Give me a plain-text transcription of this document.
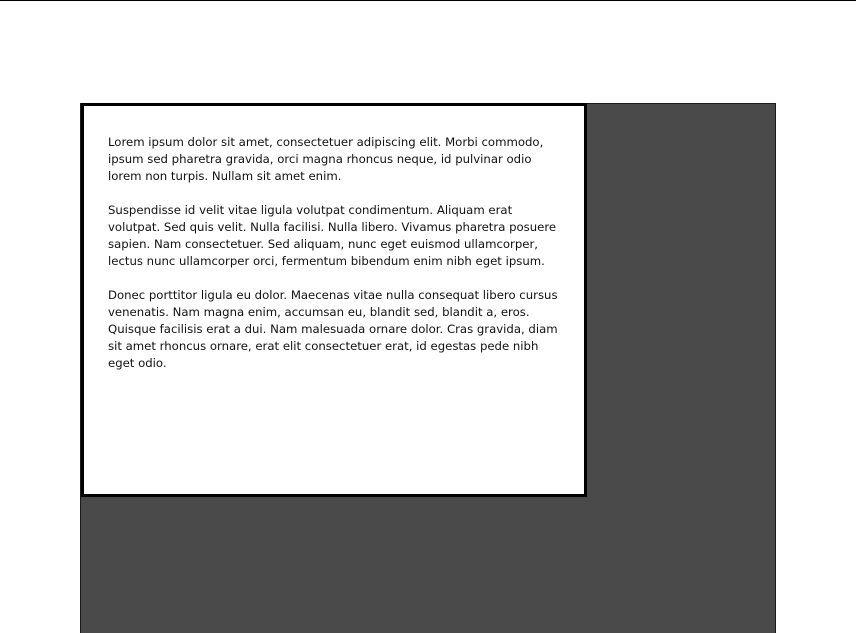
Lorem ipsum dolor sit amet, consectetuer adipiscing elit. Morbi commodo, ipsum sed pharetra gravida, orci magna rhoncus neque, id pulvinar odio lorem non turpis. Nullam sit amet enim.

Suspendisse id velit vitae ligula volutpat condimentum. Aliquam erat volutpat. Sed quis velit. Nulla facilisi. Nulla libero. Vivamus pharetra posuere sapien. Nam consectetuer. Sed aliquam, nunc eget euismod ullamcorper, lectus nunc ullamcorper orci, fermentum bibendum enim nibh eget ipsum.

Donec porttitor ligula eu dolor. Maecenas vitae nulla consequat libero cursus venenatis. Nam magna enim, accumsan eu, blandit sed, blandit a, eros. Quisque facilisis erat a dui. Nam malesuada ornare dolor. Cras gravida, diam sit amet rhoncus ornare, erat elit consectetuer erat, id egestas pede nibh eget odio.
